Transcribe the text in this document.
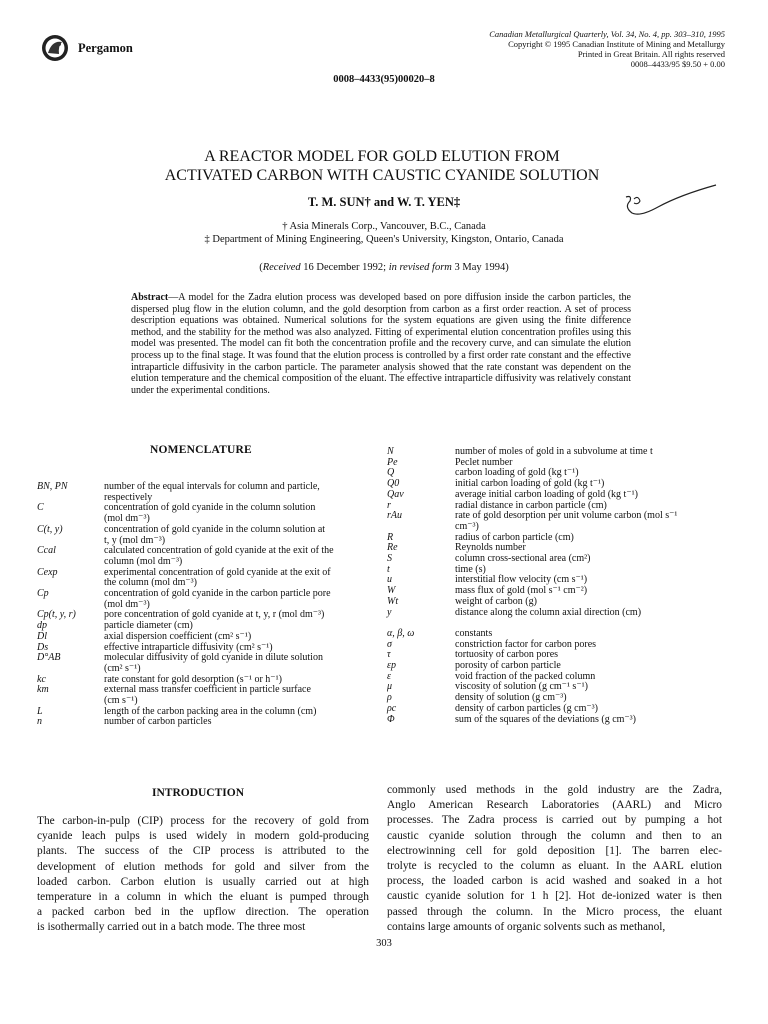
Pergamon
Canadian Metallurgical Quarterly, Vol. 34, No. 4, pp. 303–310, 1995
Copyright © 1995 Canadian Institute of Mining and Metallurgy
Printed in Great Britain. All rights reserved
0008–4433/95 $9.50 + 0.00
0008–4433(95)00020–8
A REACTOR MODEL FOR GOLD ELUTION FROM
ACTIVATED CARBON WITH CAUSTIC CYANIDE SOLUTION
T. M. SUN† and W. T. YEN‡
† Asia Minerals Corp., Vancouver, B.C., Canada
‡ Department of Mining Engineering, Queen's University, Kingston, Ontario, Canada
(Received 16 December 1992; in revised form 3 May 1994)
Abstract—A model for the Zadra elution process was developed based on pore diffusion inside the carbon particles, the dispersed plug flow in the elution column, and the gold desorption from carbon as a first order reaction. A set of process description equations was obtained. Numerical solutions for the system equations are given using the finite difference method, and the stability for the method was also analyzed. Fitting of experimental elution concentration profiles using this model was presented. The model can fit both the concentration profile and the recovery curve, and can simulate the elution process up to the final stage. It was found that the elution process is controlled by a first order rate constant and the effective intraparticle diffusivity in the carbon particle. The parameter analysis showed that the rate constant was dependent on the elution temperature and the chemical composition of the eluant. The effective intraparticle diffusivity was relatively constant under the experimental conditions.
NOMENCLATURE
BN, PN	number of the equal intervals for column and particle,
respectively
C	concentration of gold cyanide in the column solution
(mol dm⁻³)
C(t, y)	concentration of gold cyanide in the column solution at
t, y (mol dm⁻³)
Ccal	calculated concentration of gold cyanide at the exit of the
column (mol dm⁻³)
Cexp	experimental concentration of gold cyanide at the exit of
the column (mol dm⁻³)
Cp	concentration of gold cyanide in the carbon particle pore
(mol dm⁻³)
Cp(t, y, r)	pore concentration of gold cyanide at t, y, r (mol dm⁻³)
dp	particle diameter (cm)
Dl	axial dispersion coefficient (cm² s⁻¹)
Ds	effective intraparticle diffusivity (cm² s⁻¹)
D°AB	molecular diffusivity of gold cyanide in dilute solution
(cm² s⁻¹)
kc	rate constant for gold desorption (s⁻¹ or h⁻¹)
km	external mass transfer coefficient in particle surface
(cm s⁻¹)
L	length of the carbon packing area in the column (cm)
n	number of carbon particles
N	number of moles of gold in a subvolume at time t
Pe	Peclet number
Q	carbon loading of gold (kg t⁻¹)
Q0	initial carbon loading of gold (kg t⁻¹)
Qav	average initial carbon loading of gold (kg t⁻¹)
r	radial distance in carbon particle (cm)
rAu	rate of gold desorption per unit volume carbon (mol s⁻¹
cm⁻³)
R	radius of carbon particle (cm)
Re	Reynolds number
S	column cross-sectional area (cm²)
t	time (s)
u	interstitial flow velocity (cm s⁻¹)
W	mass flux of gold (mol s⁻¹ cm⁻²)
Wt	weight of carbon (g)
y	distance along the column axial direction (cm)
α, β, ω	constants
σ	constriction factor for carbon pores
τ	tortuosity of carbon pores
εp	porosity of carbon particle
ε	void fraction of the packed column
μ	viscosity of solution (g cm⁻¹ s⁻¹)
ρ	density of solution (g cm⁻³)
ρc	density of carbon particles (g cm⁻³)
Φ	sum of the squares of the deviations (g cm⁻³)
INTRODUCTION
The carbon-in-pulp (CIP) process for the recovery of gold from
cyanide leach pulps is used widely in modern gold-producing
plants. The success of the CIP process is attributed to the
development of elution methods for gold and silver from the
loaded carbon. Carbon elution is usually carried out at high
temperature in a column in which the eluant is pumped through
a packed carbon bed in the upflow direction. The operation
is isothermally carried out in a batch mode. The three most
commonly used methods in the gold industry are the Zadra,
Anglo American Research Laboratories (AARL) and Micro
processes. The Zadra process is carried out by pumping a hot
caustic cyanide solution through the column and then to an
electrowinning cell for gold deposition [1]. The barren elec-
trolyte is recycled to the column as eluant. In the AARL elution
process, the loaded carbon is acid washed and soaked in a hot
caustic cyanide solution for 1 h [2]. Hot de-ionized water is then
passed through the column. In the Micro process, the eluant
contains large amounts of organic solvents such as methanol,
303
